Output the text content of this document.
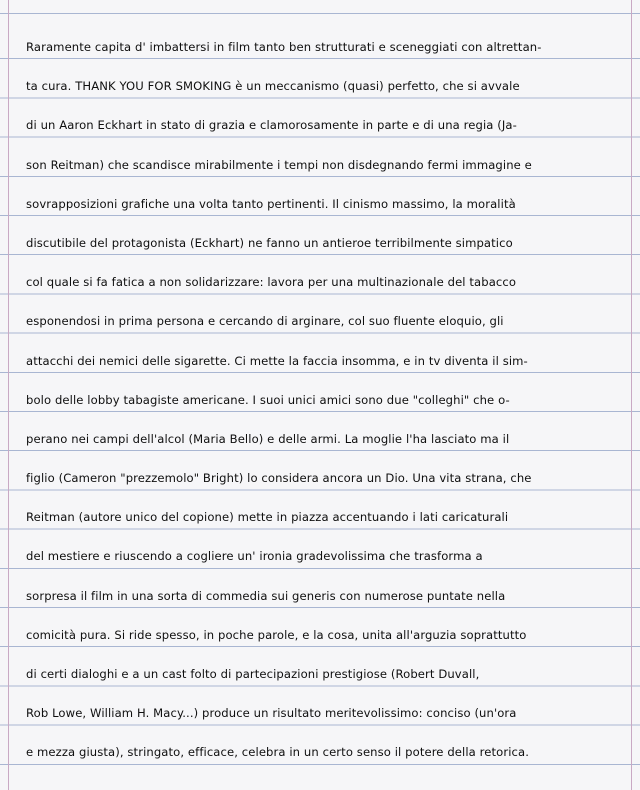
Raramente capita d' imbattersi in film tanto ben strutturati e sceneggiati con altrettan-
ta cura. THANK YOU FOR SMOKING è un meccanismo (quasi) perfetto, che si avvale
di un Aaron Eckhart in stato di grazia e clamorosamente in parte e di una regia (Ja-
son Reitman) che scandisce mirabilmente i tempi non disdegnando fermi immagine e
sovrapposizioni grafiche una volta tanto pertinenti. Il cinismo massimo, la moralità
discutibile del protagonista (Eckhart) ne fanno un antieroe terribilmente simpatico
col quale si fa fatica a non solidarizzare: lavora per una multinazionale del tabacco
esponendosi in prima persona e cercando di arginare, col suo fluente eloquio, gli
attacchi dei nemici delle sigarette. Ci mette la faccia insomma, e in tv diventa il sim-
bolo delle lobby tabagiste americane. I suoi unici amici sono due "colleghi" che o-
perano nei campi dell'alcol (Maria Bello) e delle armi. La moglie l'ha lasciato ma il
figlio (Cameron "prezzemolo" Bright) lo considera ancora un Dio. Una vita strana, che
Reitman (autore unico del copione) mette in piazza accentuando i lati caricaturali
del mestiere e riuscendo a cogliere un' ironia gradevolissima che trasforma a
sorpresa il film in una sorta di commedia sui generis con numerose puntate nella
comicità pura. Si ride spesso, in poche parole, e la cosa, unita all'arguzia soprattutto
di certi dialoghi e a un cast folto di partecipazioni prestigiose (Robert Duvall,
Rob Lowe, William H. Macy...) produce un risultato meritevolissimo: conciso (un'ora
e mezza giusta), stringato, efficace, celebra in un certo senso il potere della retorica.
